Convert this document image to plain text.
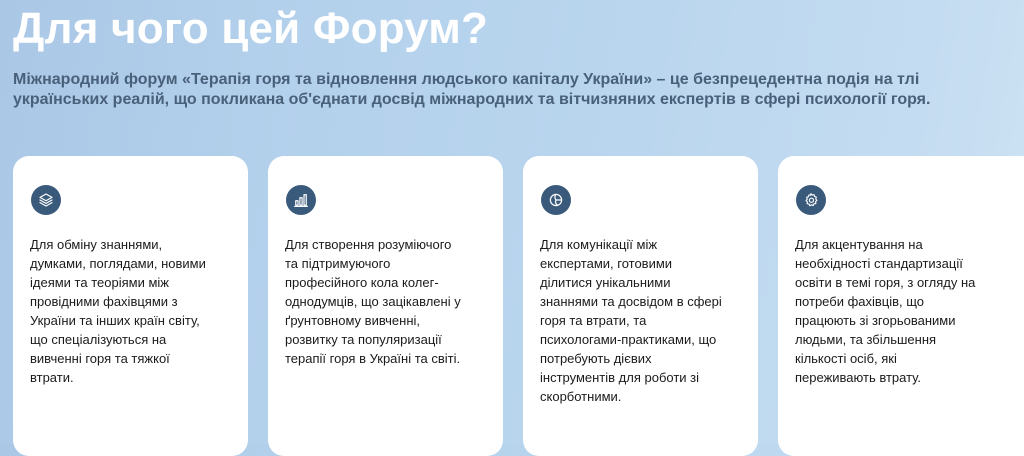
Для чого цей Форум?

Міжнародний форум «Терапія горя та відновлення людського капіталу України» – це безпрецедентна подія на тлі українських реалій, що покликана об'єднати досвід міжнародних та вітчизняних експертів в сфері психології горя.

Для обміну знаннями,
думками, поглядами, новими
ідеями та теоріями між
провідними фахівцями з
України та інших країн світу,
що спеціалізуються на
вивченні горя та тяжкої
втрати.

Для створення розуміючого
та підтримуючого
професійного кола колег-
однодумців, що зацікавлені у
ґрунтовному вивченні,
розвитку та популяризації
терапії горя в Україні та світі.

Для комунікації між
експертами, готовими
ділитися унікальними
знаннями та досвідом в сфері
горя та втрати, та
психологами-практиками, що
потребують дієвих
інструментів для роботи зі
скорботними.

Для акцентування на
необхідності стандартизації
освіти в темі горя, з огляду на
потреби фахівців, що
працюють зі згорьованими
людьми, та збільшення
кількості осіб, які
переживають втрату.
